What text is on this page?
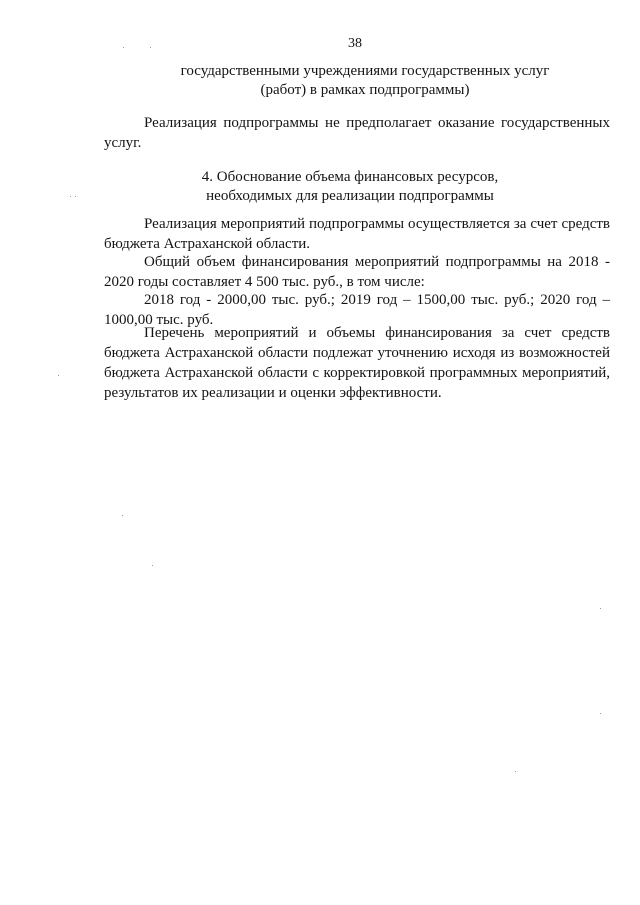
38
государственными учреждениями государственных услуг
(работ) в рамках подпрограммы)

Реализация подпрограммы не предполагает оказание государственных услуг.

4. Обоснование объема финансовых ресурсов,
необходимых для реализации подпрограммы

Реализация мероприятий подпрограммы осуществляется за счет средств бюджета Астраханской области.

Общий объем финансирования мероприятий подпрограммы на 2018 - 2020 годы составляет 4 500 тыс. руб., в том числе:

2018 год - 2000,00 тыс. руб.; 2019 год – 1500,00 тыс. руб.; 2020 год – 1000,00 тыс. руб.

Перечень мероприятий и объемы финансирования за счет средств бюджета Астраханской области подлежат уточнению исходя из возможностей бюджета Астраханской области с корректировкой программных мероприятий, результатов их реализации и оценки эффективности.
